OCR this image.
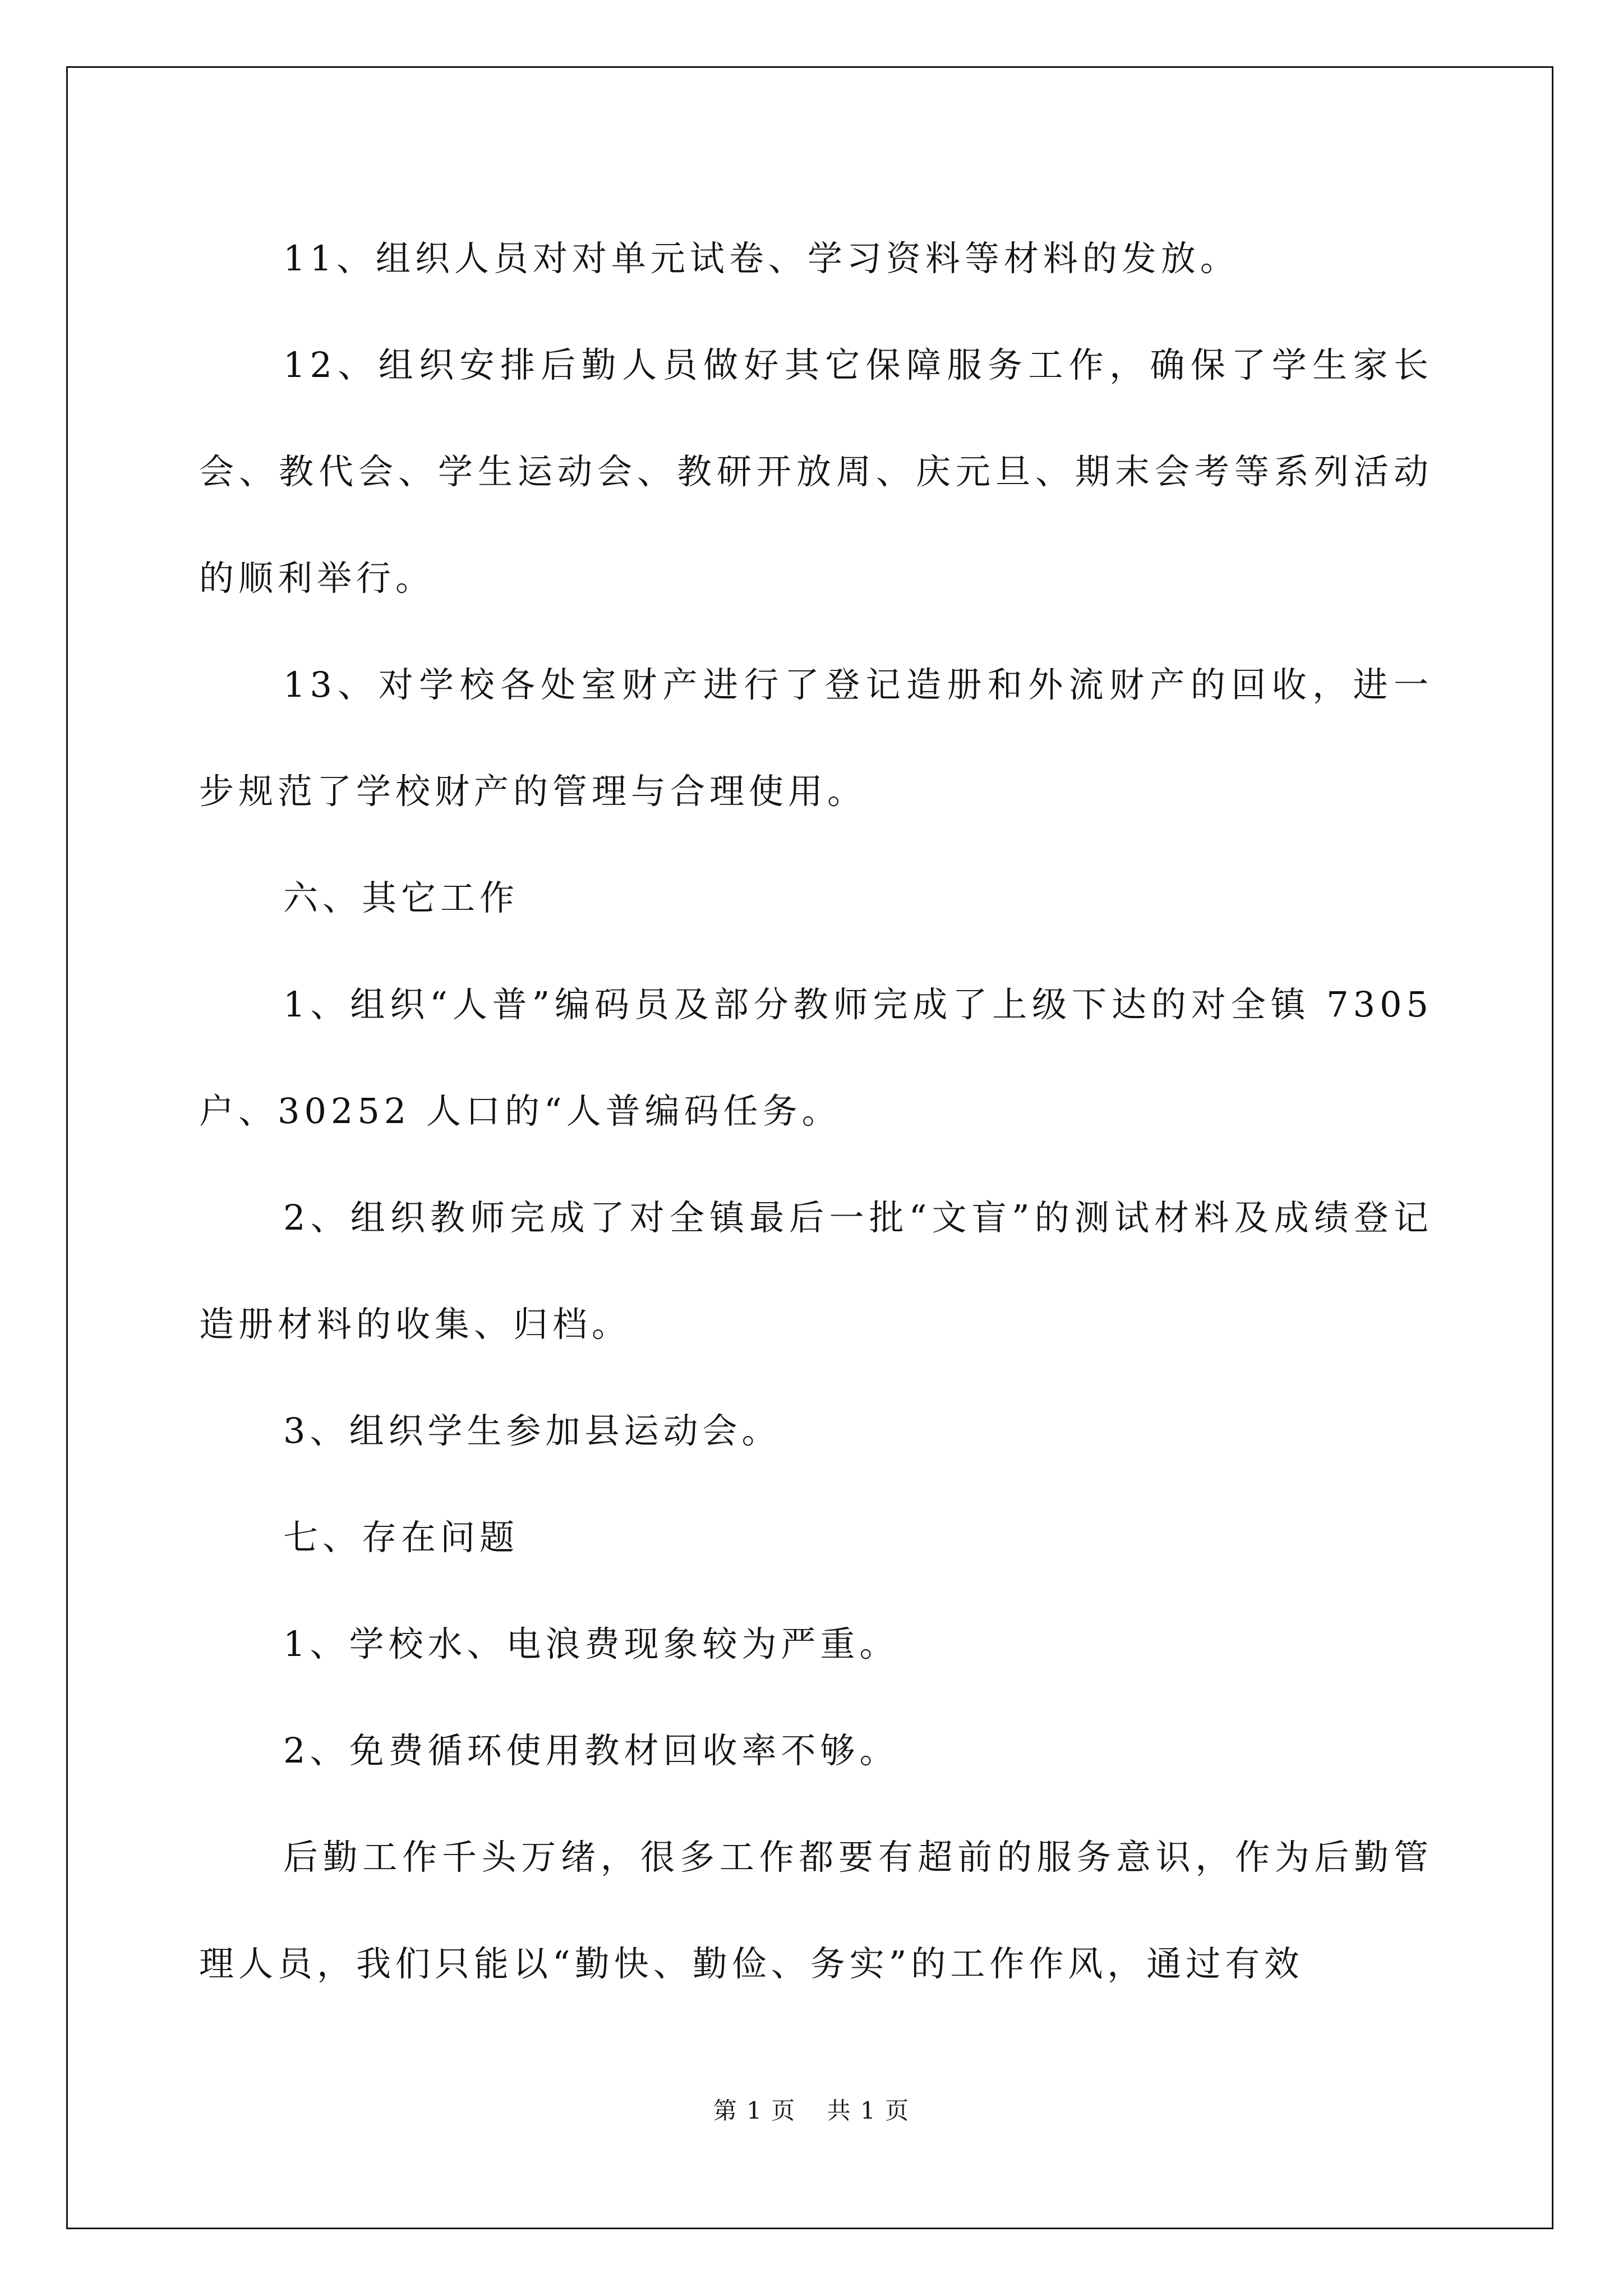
11、组织人员对对单元试卷、学习资料等材料的发放。

12、组织安排后勤人员做好其它保障服务工作，确保了学生家长会、教代会、学生运动会、教研开放周、庆元旦、期末会考等系列活动的顺利举行。

13、对学校各处室财产进行了登记造册和外流财产的回收，进一步规范了学校财产的管理与合理使用。

六、其它工作

1、组织“人普”编码员及部分教师完成了上级下达的对全镇 7305 户、30252 人口的“人普编码任务。

2、组织教师完成了对全镇最后一批“文盲”的测试材料及成绩登记造册材料的收集、归档。

3、组织学生参加县运动会。

七、存在问题

1、学校水、电浪费现象较为严重。

2、免费循环使用教材回收率不够。

后勤工作千头万绪，很多工作都要有超前的服务意识，作为后勤管理人员，我们只能以“勤快、勤俭、务实”的工作作风，通过有效

第 1 页 共 1 页
